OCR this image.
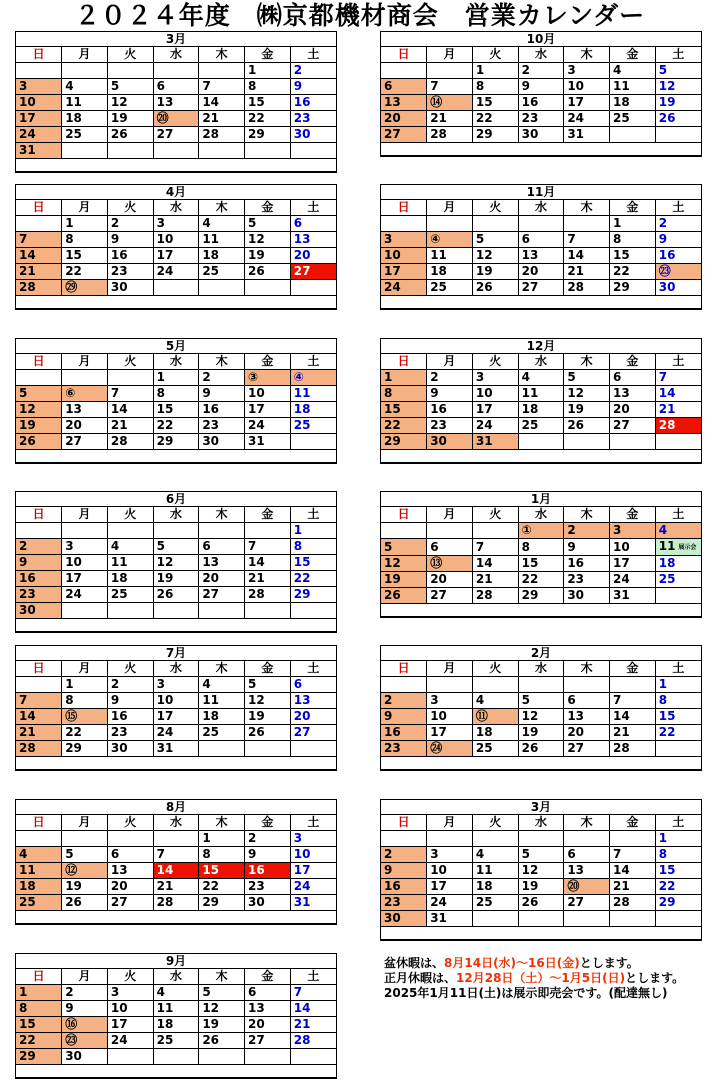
２０２４年度　㈱京都機材商会　営業カレンダー
3月						
日	月	火	水	木	金	土
					1	2
3	4	5	6	7	8	9
10	11	12	13	14	15	16
17	18	19	⑳	21	22	23
24	25	26	27	28	29	30
31						

4月						
日	月	火	水	木	金	土
	1	2	3	4	5	6
7	8	9	10	11	12	13
14	15	16	17	18	19	20
21	22	23	24	25	26	27
28	㉙	30				

5月						
日	月	火	水	木	金	土
			1	2	③	④
5	⑥	7	8	9	10	11
12	13	14	15	16	17	18
19	20	21	22	23	24	25
26	27	28	29	30	31	

6月						
日	月	火	水	木	金	土
						1
2	3	4	5	6	7	8
9	10	11	12	13	14	15
16	17	18	19	20	21	22
23	24	25	26	27	28	29
30						

7月						
日	月	火	水	木	金	土
	1	2	3	4	5	6
7	8	9	10	11	12	13
14	⑮	16	17	18	19	20
21	22	23	24	25	26	27
28	29	30	31			

8月						
日	月	火	水	木	金	土
				1	2	3
4	5	6	7	8	9	10
11	⑫	13	14	15	16	17
18	19	20	21	22	23	24
25	26	27	28	29	30	31

9月						
日	月	火	水	木	金	土
1	2	3	4	5	6	7
8	9	10	11	12	13	14
15	⑯	17	18	19	20	21
22	㉓	24	25	26	27	28
29	30					

10月						
日	月	火	水	木	金	土
		1	2	3	4	5
6	7	8	9	10	11	12
13	⑭	15	16	17	18	19
20	21	22	23	24	25	26
27	28	29	30	31		

11月						
日	月	火	水	木	金	土
					1	2
3	④	5	6	7	8	9
10	11	12	13	14	15	16
17	18	19	20	21	22	㉓
24	25	26	27	28	29	30

12月						
日	月	火	水	木	金	土
1	2	3	4	5	6	7
8	9	10	11	12	13	14
15	16	17	18	19	20	21
22	23	24	25	26	27	28
29	30	31				

1月						
日	月	火	水	木	金	土
			①	2	3	4
5	6	7	8	9	10	11 展示会
12	⑬	14	15	16	17	18
19	20	21	22	23	24	25
26	27	28	29	30	31	

2月						
日	月	火	水	木	金	土
						1
2	3	4	5	6	7	8
9	10	⑪	12	13	14	15
16	17	18	19	20	21	22
23	㉔	25	26	27	28	

3月						
日	月	火	水	木	金	土
						1
2	3	4	5	6	7	8
9	10	11	12	13	14	15
16	17	18	19	⑳	21	22
23	24	25	26	27	28	29
30	31					

盆休暇は、8月14日(水)～16日(金)とします。
正月休暇は、12月28日（土）～1月5日(日)とします。
2025年1月11日(土)は展示即売会です。(配達無し)
